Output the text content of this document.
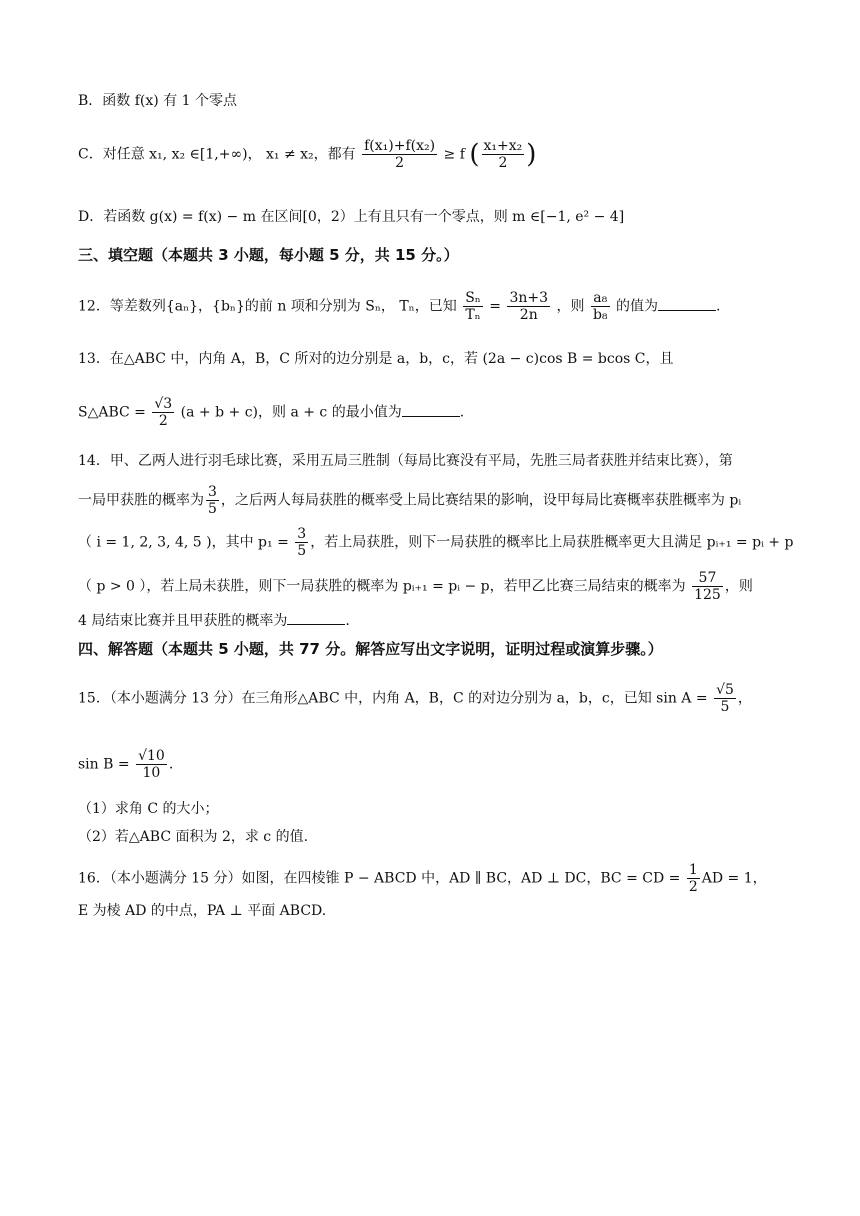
B．函数 f(x) 有 1 个零点
C．对任意 x₁, x₂ ∈[1,+∞)， x₁ ≠ x₂，都有 $\frac{\text{f(x₁)+f(x₂)}}{2} \ge f$ ( $\frac{\text{x₁+x₂}}{2}$ )
D．若函数 g(x) = f(x) − m 在区间[0，2）上有且只有一个零点，则 m ∈[−1, e² − 4]
三、填空题（本题共 3 小题，每小题 5 分，共 15 分。）
12．等差数列{aₙ}，{bₙ}的前 n 项和分别为 Sₙ， Tₙ，已知 $\frac{\text{Sₙ}}{\text{Tₙ}} = \frac{3n+3}{2n}$ ，则 $\frac{\text{a₈}}{\text{b₈}}$ 的值为	.
13．在△ABC 中，内角 A，B，C 所对的边分别是 a，b，c，若 (2a − c)cos B = bcos C，且
S△ABC = $\frac{√3}{2} (a + b + c)$，则 a + c 的最小值为	.
14．甲、乙两人进行羽毛球比赛，采用五局三胜制（每局比赛没有平局，先胜三局者获胜并结束比赛），第
一局甲获胜的概率为 $\frac{3}{5}$ ，之后两人每局获胜的概率受上局比赛结果的影响，设甲每局比赛概率获胜概率为 pᵢ
（ i = 1, 2, 3, 4, 5 )，其中 $p_1 = \frac{3}{5}$ ，若上局获胜，则下一局获胜的概率比上局获胜概率更大且满足 pᵢ₊₁ = pᵢ + p
（ p > 0 ），若上局未获胜，则下一局获胜的概率为 pᵢ₊₁ = pᵢ − p，若甲乙比赛三局结束的概率为 $\frac{57}{125}$ ，则
4 局结束比赛并且甲获胜的概率为	.
四、解答题（本题共 5 小题，共 77 分。解答应写出文字说明，证明过程或演算步骤。）
15．（本小题满分 13 分）在三角形△ABC 中，内角 A，B，C 的对边分别为 a，b，c，已知 $\sin A = \frac{√5}{5}$ ，
$\sin B = \frac{√10}{10}$ .
（1）求角 C 的大小；
（2）若△ABC 面积为 2，求 c 的值.
16．（本小题满分 15 分）如图，在四棱锥 P − ABCD 中，AD ∥ BC，AD ⊥ DC，BC = CD = $\frac{1}{2}$ AD = 1，
E 为棱 AD 的中点，PA ⊥ 平面 ABCD.
